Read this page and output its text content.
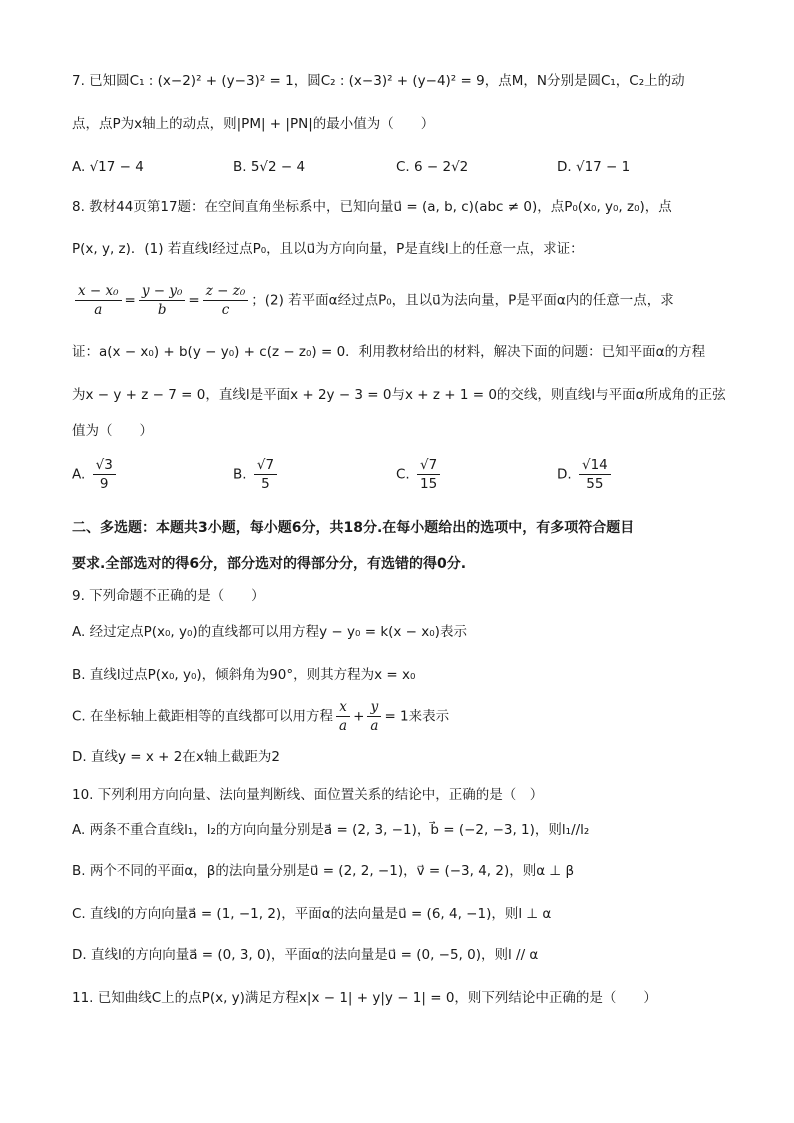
7. 已知圆C₁ : (x−2)² + (y−3)² = 1，圆C₂ : (x−3)² + (y−4)² = 9，点M，N分别是圆C₁，C₂上的动
点，点P为x轴上的动点，则|PM| + |PN|的最小值为（　　）
A. √17 − 4	B. 5√2 − 4	C. 6 − 2√2	D. √17 − 1
8. 教材44页第17题：在空间直角坐标系中，已知向量u⃗ = (a, b, c)(abc ≠ 0)，点P₀(x₀, y₀, z₀)，点
P(x, y, z)．(1) 若直线l经过点P₀，且以u⃗为方向向量，P是直线l上的任意一点，求证：
$\frac{\text{x − x₀}}{a} = \frac{\text{y − y₀}}{b} = \frac{\text{z − z₀}}{c}$ ；(2) 若平面α经过点P₀，且以u⃗为法向量，P是平面α内的任意一点，求
证：a(x − x₀) + b(y − y₀) + c(z − z₀) = 0．利用教材给出的材料，解决下面的问题：已知平面α的方程
为x − y + z − 7 = 0，直线l是平面x + 2y − 3 = 0与x + z + 1 = 0的交线，则直线l与平面α所成角的正弦
值为（　　）
A. $\frac{√3}{9}$	B. $\frac{√7}{5}$	C. $\frac{√7}{15}$	D. $\frac{√14}{55}$
二、多选题：本题共3小题，每小题6分，共18分.在每小题给出的选项中，有多项符合题目
要求.全部选对的得6分，部分选对的得部分分，有选错的得0分.
9. 下列命题不正确的是（　　）
A. 经过定点P(x₀, y₀)的直线都可以用方程y − y₀ = k(x − x₀)表示
B. 直线l过点P(x₀, y₀)，倾斜角为90°，则其方程为x = x₀
C. 在坐标轴上截距相等的直线都可以用方程 $\frac{x}{a} + \frac{y}{a} = 1$来表示
D. 直线y = x + 2在x轴上截距为2
10. 下列利用方向向量、法向量判断线、面位置关系的结论中，正确的是（　）
A. 两条不重合直线l₁，l₂的方向向量分别是a⃗ = (2, 3, −1)，b⃗ = (−2, −3, 1)，则l₁//l₂
B. 两个不同的平面α，β的法向量分别是u⃗ = (2, 2, −1)，v⃗ = (−3, 4, 2)，则α ⊥ β
C. 直线l的方向向量a⃗ = (1, −1, 2)，平面α的法向量是u⃗ = (6, 4, −1)，则l ⊥ α
D. 直线l的方向向量a⃗ = (0, 3, 0)，平面α的法向量是u⃗ = (0, −5, 0)，则l // α
11. 已知曲线C上的点P(x, y)满足方程x|x − 1| + y|y − 1| = 0，则下列结论中正确的是（　　）
